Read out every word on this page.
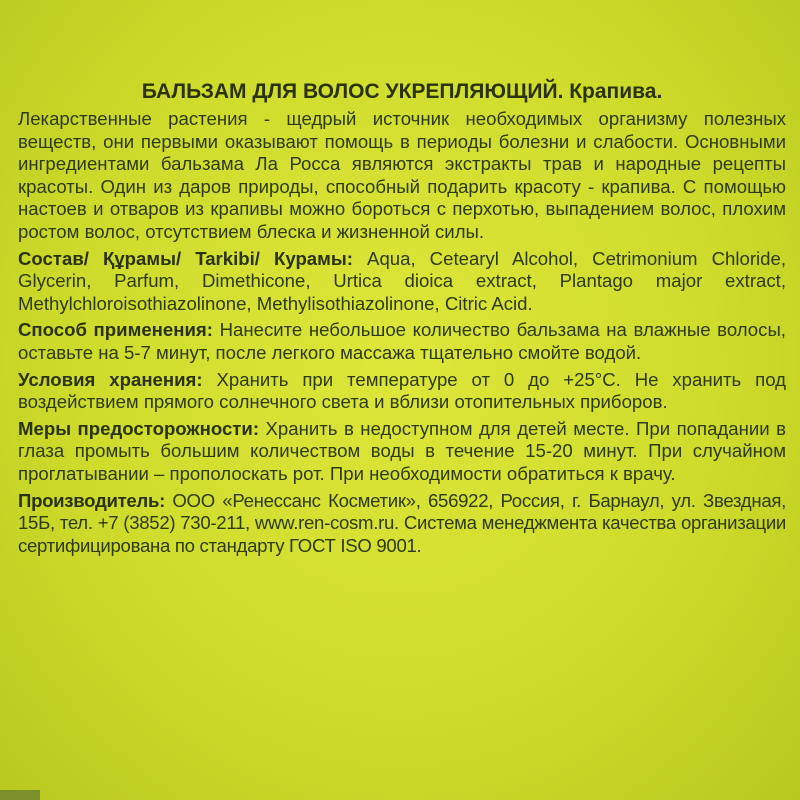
БАЛЬЗАМ ДЛЯ ВОЛОС УКРЕПЛЯЮЩИЙ. Крапива.

Лекарственные растения - щедрый источник необходимых организму полезных веществ, они первыми оказывают помощь в периоды болезни и слабости. Основными ингредиентами бальзама Ла Росса являются экстракты трав и народные рецепты красоты. Один из даров природы, способный подарить красоту - крапива. С помощью настоев и отваров из крапивы можно бороться с перхотью, выпадением волос, плохим ростом волос, отсутствием блеска и жизненной силы.

Состав/ Құрамы/ Tarkibi/ Курамы: Aqua, Cetearyl Alcohol, Cetrimonium Chloride, Glycerin, Parfum, Dimethicone, Urtica dioica extract, Plantago major extract, Methylchloroisothiazolinone, Methylisothiazolinone, Citric Acid.

Способ применения: Нанесите небольшое количество бальзама на влажные волосы, оставьте на 5-7 минут, после легкого массажа тщательно смойте водой.

Условия хранения: Хранить при температуре от 0 до +25°С. Не хранить под воздействием прямого солнечного света и вблизи отопительных приборов.

Меры предосторожности: Хранить в недоступном для детей месте. При попадании в глаза промыть большим количеством воды в течение 15-20 минут. При случайном проглатывании – прополоскать рот. При необходимости обратиться к врачу.

Производитель: ООО «Ренессанс Косметик», 656922, Россия, г. Барнаул, ул. Звездная, 15Б, тел. +7 (3852) 730-211, www.ren-cosm.ru. Система менеджмента качества организации сертифицирована по стандарту ГОСТ ISO 9001.
